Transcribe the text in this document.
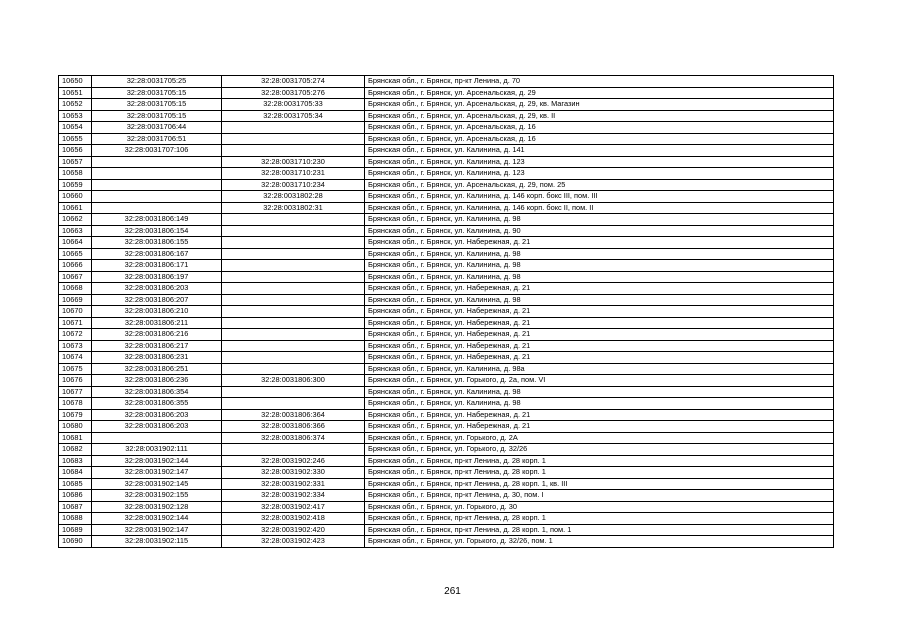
10650	32:28:0031705:25	32:28:0031705:274	Брянская обл., г. Брянск, пр-кт Ленина, д. 70
10651	32:28:0031705:15	32:28:0031705:276	Брянская обл., г. Брянск, ул. Арсенальская, д. 29
10652	32:28:0031705:15	32:28:0031705:33	Брянская обл., г. Брянск, ул. Арсенальская, д. 29, кв. Магазин
10653	32:28:0031705:15	32:28:0031705:34	Брянская обл., г. Брянск, ул. Арсенальская, д. 29, кв. II
10654	32:28:0031706:44		Брянская обл., г. Брянск, ул. Арсенальская, д. 16
10655	32:28:0031706:51		Брянская обл., г. Брянск, ул. Арсенальская, д. 16
10656	32:28:0031707:106		Брянская обл., г. Брянск, ул. Калинина, д. 141
10657		32:28:0031710:230	Брянская обл., г. Брянск, ул. Калинина, д. 123
10658		32:28:0031710:231	Брянская обл., г. Брянск, ул. Калинина, д. 123
10659		32:28:0031710:234	Брянская обл., г. Брянск, ул. Арсенальская, д. 29, пом. 25
10660		32:28:0031802:28	Брянская обл., г. Брянск, ул. Калинина, д. 146 корп. бокс III, пом. III
10661		32:28:0031802:31	Брянская обл., г. Брянск, ул. Калинина, д. 146 корп. бокс II, пом. II
10662	32:28:0031806:149		Брянская обл., г. Брянск, ул. Калинина, д. 98
10663	32:28:0031806:154		Брянская обл., г. Брянск, ул. Калинина, д. 90
10664	32:28:0031806:155		Брянская обл., г. Брянск, ул. Набережная, д. 21
10665	32:28:0031806:167		Брянская обл., г. Брянск, ул. Калинина, д. 98
10666	32:28:0031806:171		Брянская обл., г. Брянск, ул. Калинина, д. 98
10667	32:28:0031806:197		Брянская обл., г. Брянск, ул. Калинина, д. 98
10668	32:28:0031806:203		Брянская обл., г. Брянск, ул. Набережная, д. 21
10669	32:28:0031806:207		Брянская обл., г. Брянск, ул. Калинина, д. 98
10670	32:28:0031806:210		Брянская обл., г. Брянск, ул. Набережная, д. 21
10671	32:28:0031806:211		Брянская обл., г. Брянск, ул. Набережная, д. 21
10672	32:28:0031806:216		Брянская обл., г. Брянск, ул. Набережная, д. 21
10673	32:28:0031806:217		Брянская обл., г. Брянск, ул. Набережная, д. 21
10674	32:28:0031806:231		Брянская обл., г. Брянск, ул. Набережная, д. 21
10675	32:28:0031806:251		Брянская обл., г. Брянск, ул. Калинина, д. 98а
10676	32:28:0031806:236	32:28:0031806:300	Брянская обл., г. Брянск, ул. Горького, д. 2а, пом. VI
10677	32:28:0031806:354		Брянская обл., г. Брянск, ул. Калинина, д. 98
10678	32:28:0031806:355		Брянская обл., г. Брянск, ул. Калинина, д. 98
10679	32:28:0031806:203	32:28:0031806:364	Брянская обл., г. Брянск, ул. Набережная, д. 21
10680	32:28:0031806:203	32:28:0031806:366	Брянская обл., г. Брянск, ул. Набережная, д. 21
10681		32:28:0031806:374	Брянская обл., г. Брянск, ул. Горького, д. 2А
10682	32:28:0031902:111		Брянская обл., г. Брянск, ул. Горького, д. 32/26
10683	32:28:0031902:144	32:28:0031902:246	Брянская обл., г. Брянск, пр-кт Ленина, д. 28 корп. 1
10684	32:28:0031902:147	32:28:0031902:330	Брянская обл., г. Брянск, пр-кт Ленина, д. 28 корп. 1
10685	32:28:0031902:145	32:28:0031902:331	Брянская обл., г. Брянск, пр-кт Ленина, д. 28 корп. 1, кв. III
10686	32:28:0031902:155	32:28:0031902:334	Брянская обл., г. Брянск, пр-кт Ленина, д. 30, пом. I
10687	32:28:0031902:128	32:28:0031902:417	Брянская обл., г. Брянск, ул. Горького, д. 30
10688	32:28:0031902:144	32:28:0031902:418	Брянская обл., г. Брянск, пр-кт Ленина, д. 28 корп. 1
10689	32:28:0031902:147	32:28:0031902:420	Брянская обл., г. Брянск, пр-кт Ленина, д. 28 корп. 1, пом. 1
10690	32:28:0031902:115	32:28:0031902:423	Брянская обл., г. Брянск, ул. Горького, д. 32/26, пом. 1
261
